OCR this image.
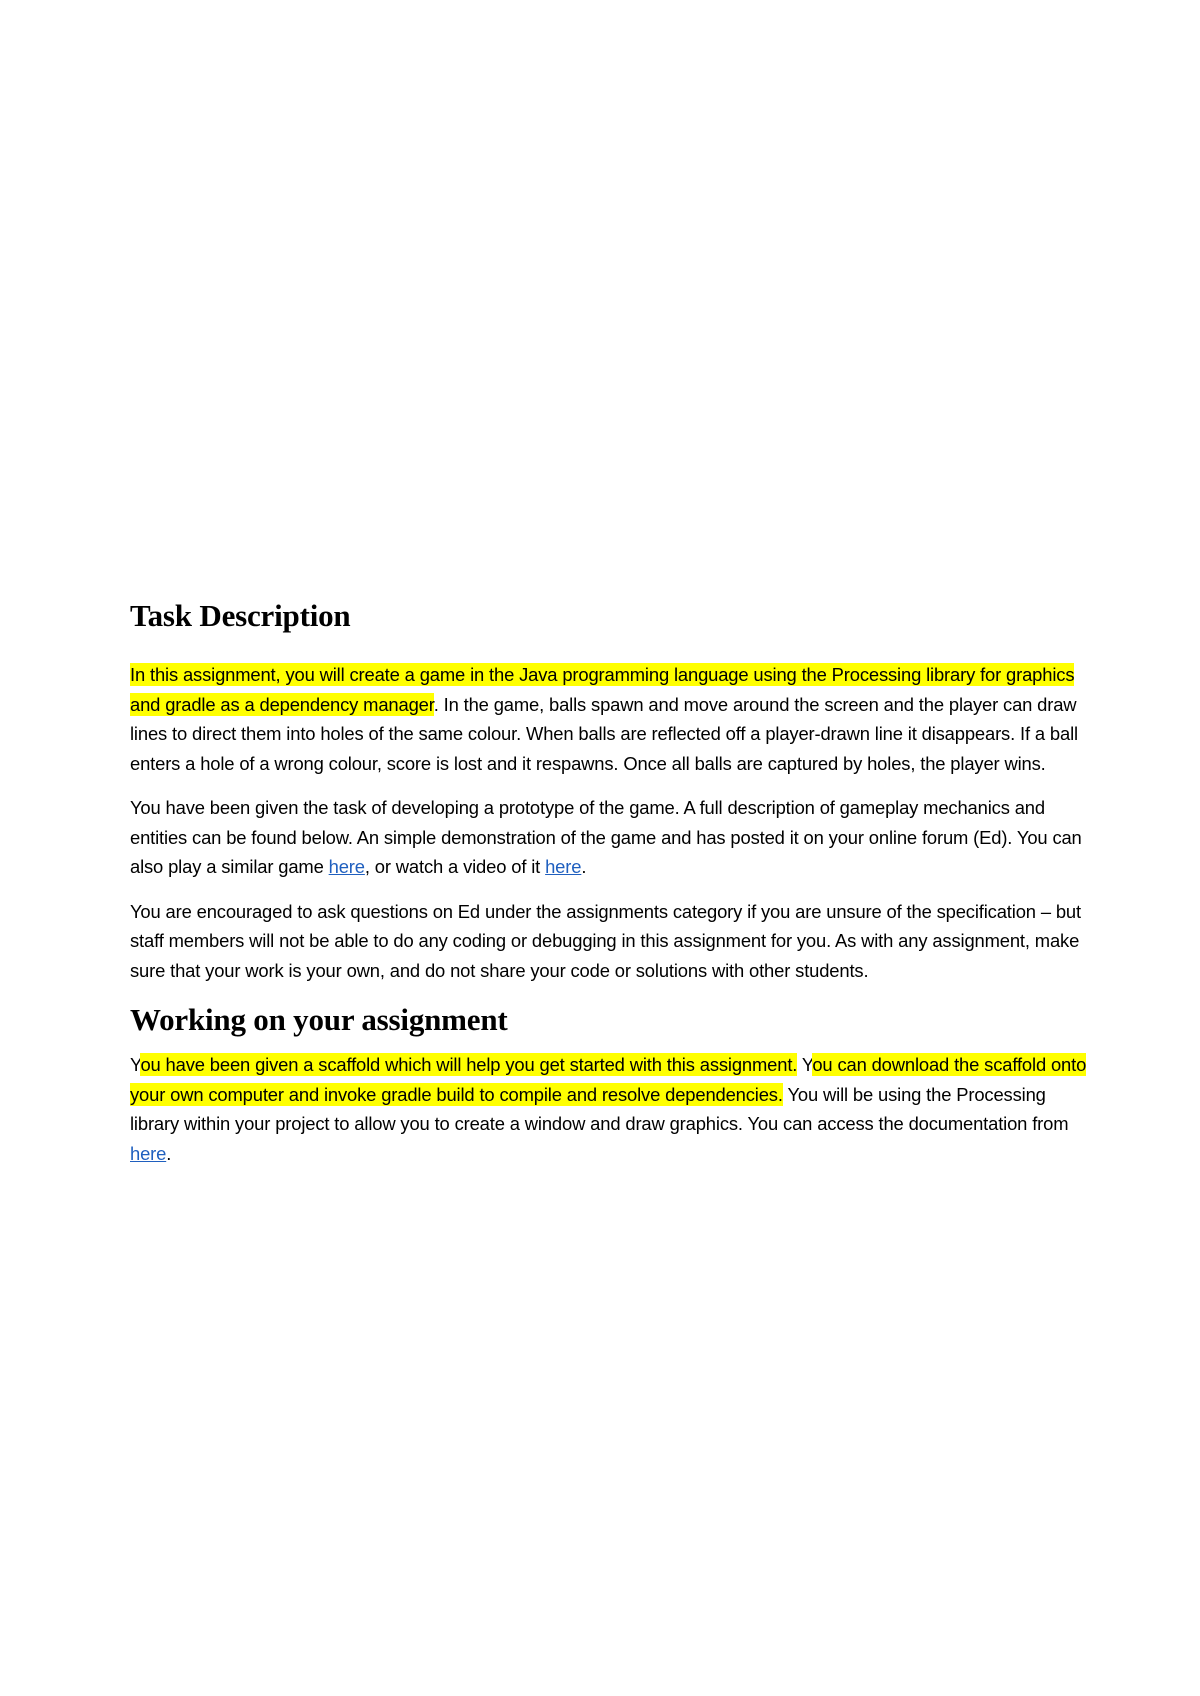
Task Description

In this assignment, you will create a game in the Java programming language using the Processing library for graphics and gradle as a dependency manager. In the game, balls spawn and move around the screen and the player can draw lines to direct them into holes of the same colour. When balls are reflected off a player-drawn line it disappears. If a ball enters a hole of a wrong colour, score is lost and it respawns. Once all balls are captured by holes, the player wins.

You have been given the task of developing a prototype of the game. A full description of gameplay mechanics and entities can be found below. An simple demonstration of the game and has posted it on your online forum (Ed). You can also play a similar game here, or watch a video of it here.

You are encouraged to ask questions on Ed under the assignments category if you are unsure of the specification – but staff members will not be able to do any coding or debugging in this assignment for you. As with any assignment, make sure that your work is your own, and do not share your code or solutions with other students.

Working on your assignment

You have been given a scaffold which will help you get started with this assignment. You can download the scaffold onto your own computer and invoke gradle build to compile and resolve dependencies. You will be using the Processing library within your project to allow you to create a window and draw graphics. You can access the documentation from here.
